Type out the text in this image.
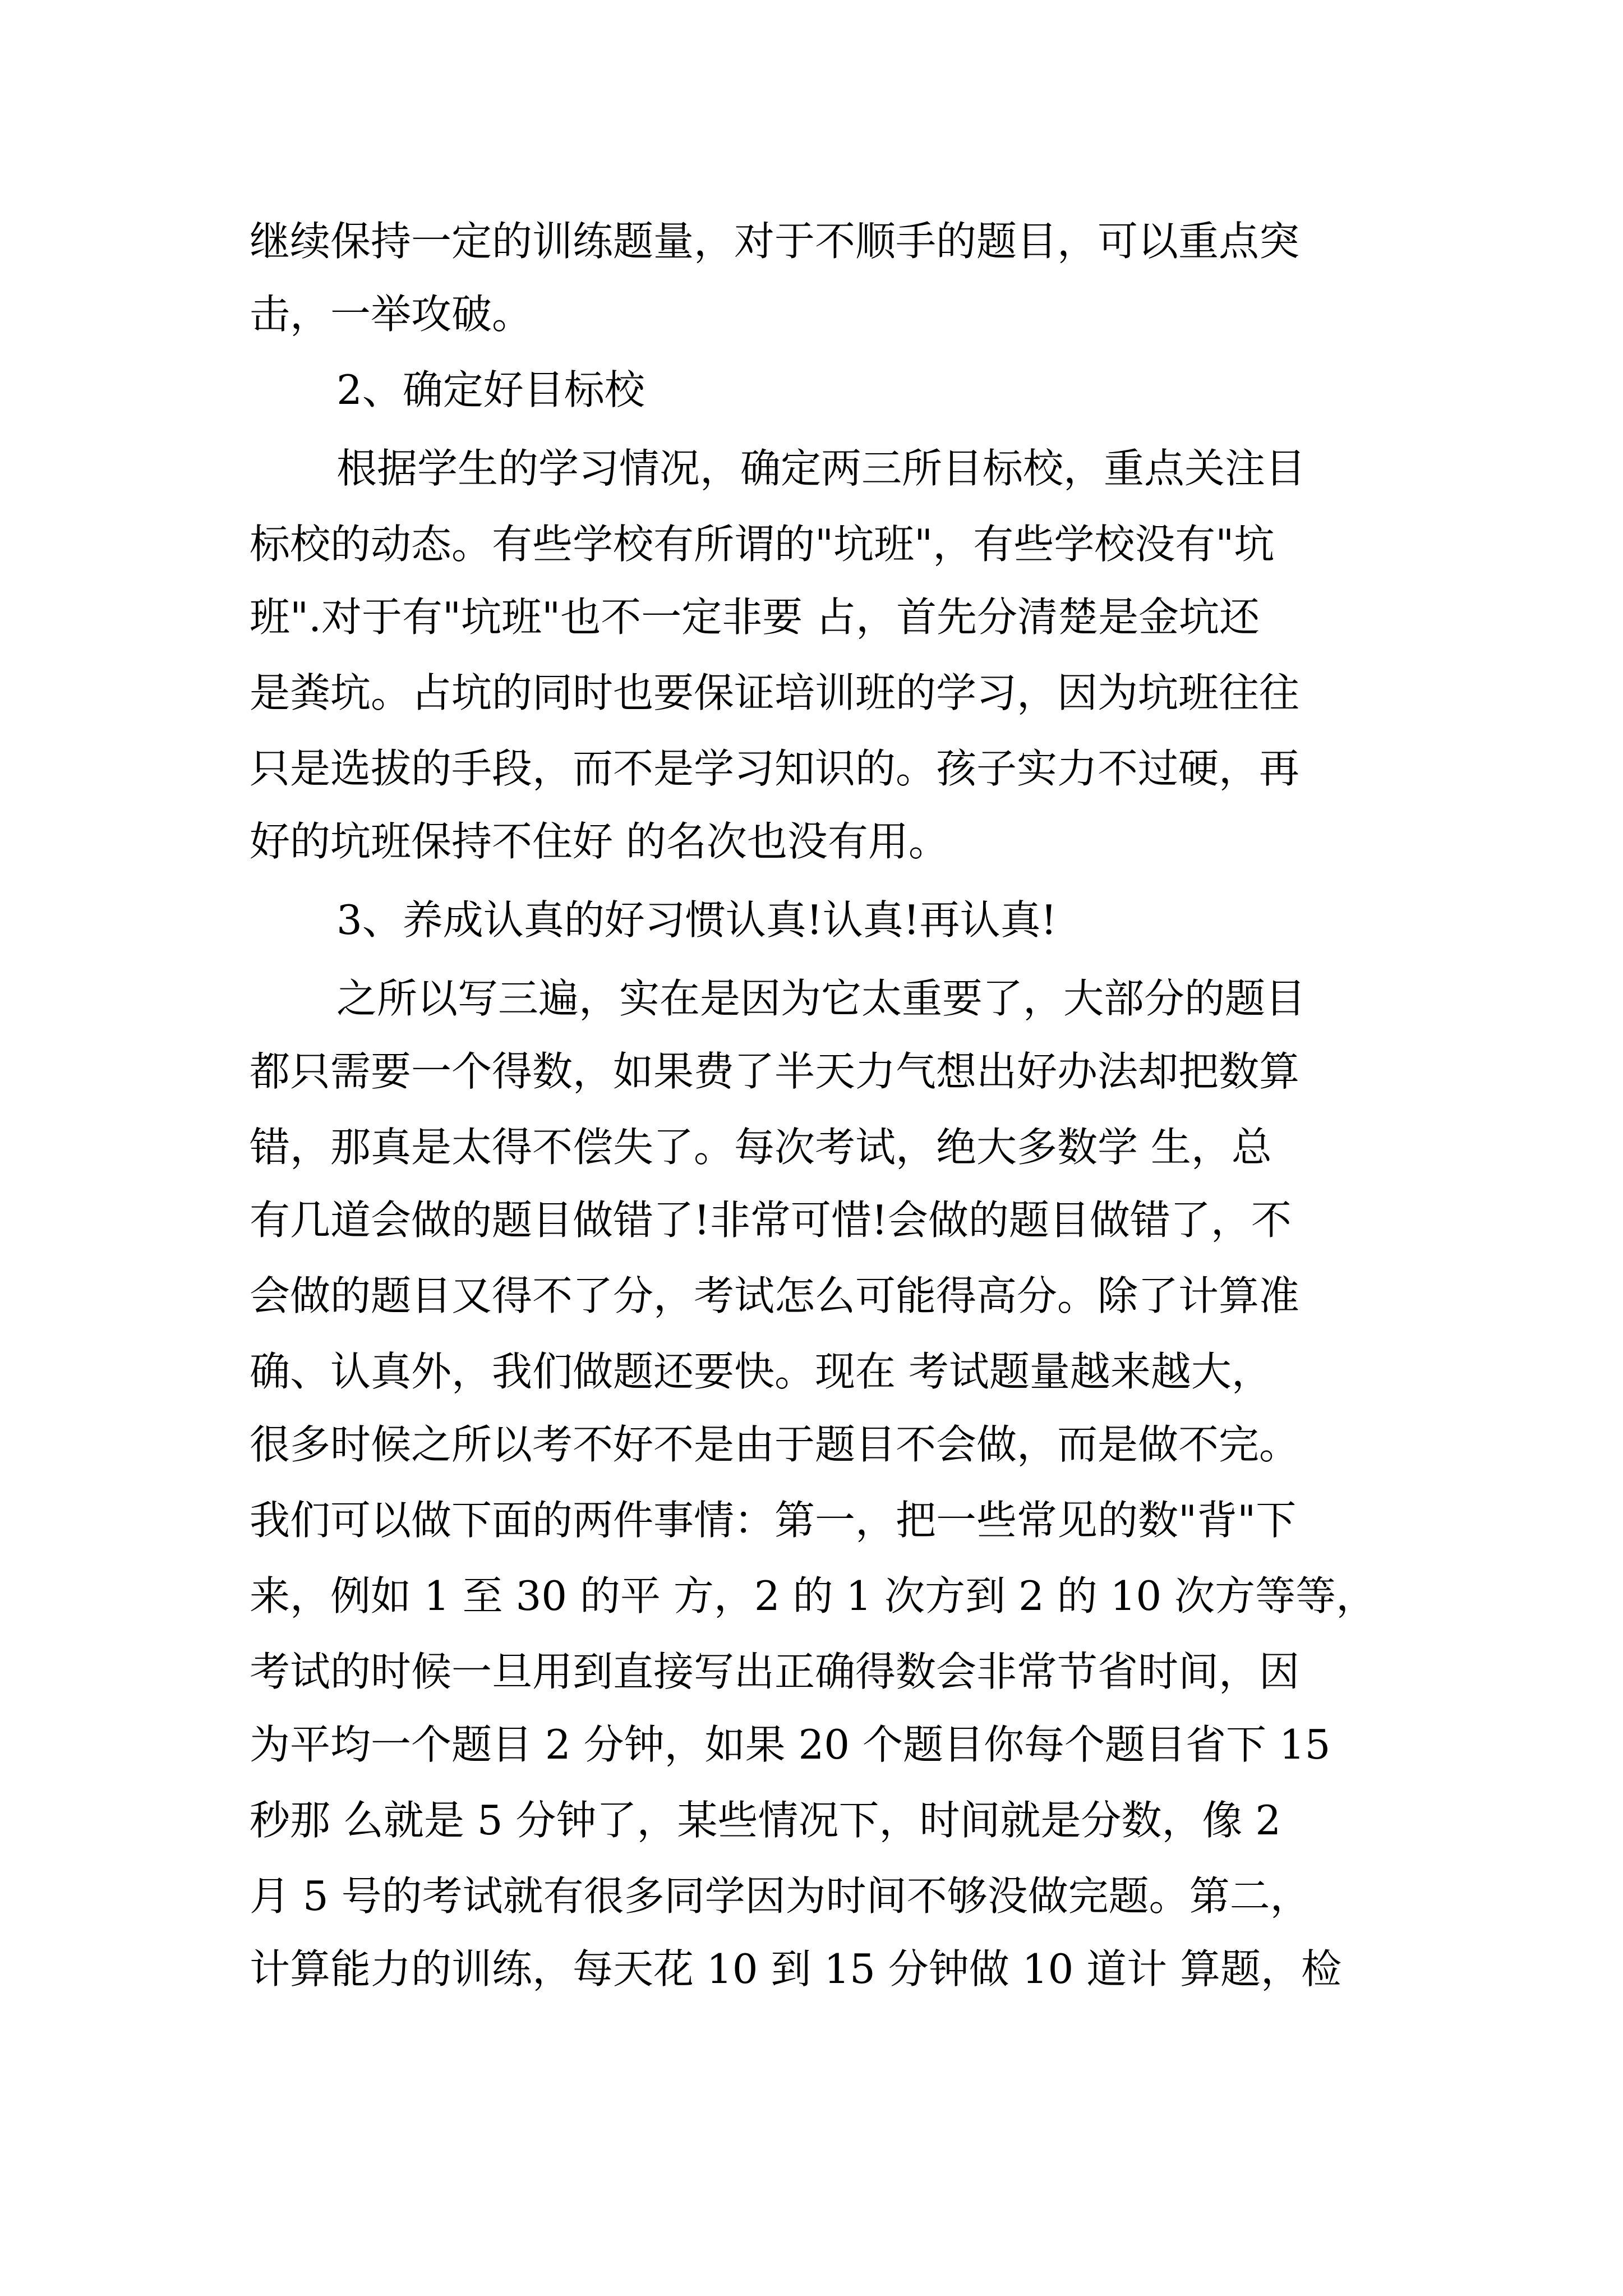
继续保持一定的训练题量，对于不顺手的题目，可以重点突

击，一举攻破。

2、确定好目标校

根据学生的学习情况，确定两三所目标校，重点关注目

标校的动态。有些学校有所谓的"坑班"，有些学校没有"坑

班".对于有"坑班"也不一定非要 占，首先分清楚是金坑还

是粪坑。占坑的同时也要保证培训班的学习，因为坑班往往

只是选拔的手段，而不是学习知识的。孩子实力不过硬，再

好的坑班保持不住好 的名次也没有用。

3、养成认真的好习惯认真!认真!再认真!

之所以写三遍，实在是因为它太重要了，大部分的题目

都只需要一个得数，如果费了半天力气想出好办法却把数算

错，那真是太得不偿失了。每次考试，绝大多数学 生，总

有几道会做的题目做错了!非常可惜!会做的题目做错了，不

会做的题目又得不了分，考试怎么可能得高分。除了计算准

确、认真外，我们做题还要快。现在 考试题量越来越大，

很多时候之所以考不好不是由于题目不会做，而是做不完。

我们可以做下面的两件事情：第一，把一些常见的数"背"下

来，例如 1 至 30 的平 方，2 的 1 次方到 2 的 10 次方等等，

考试的时候一旦用到直接写出正确得数会非常节省时间，因

为平均一个题目 2 分钟，如果 20 个题目你每个题目省下 15

秒那 么就是 5 分钟了，某些情况下，时间就是分数，像 2

月 5 号的考试就有很多同学因为时间不够没做完题。第二，

计算能力的训练，每天花 10 到 15 分钟做 10 道计 算题，检
